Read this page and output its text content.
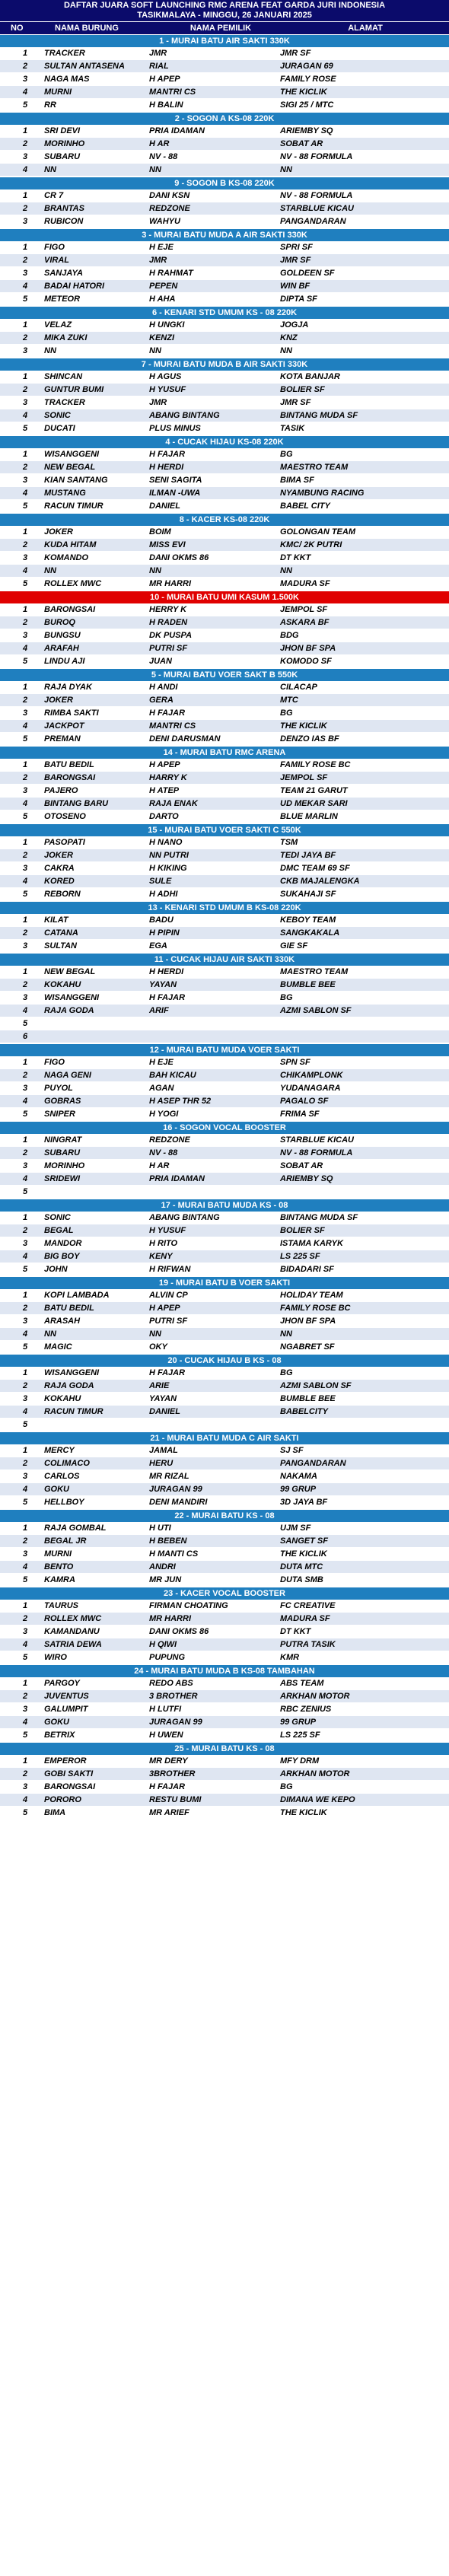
DAFTAR JUARA SOFT LAUNCHING RMC ARENA FEAT GARDA JURI INDONESIA
TASIKMALAYA - MINGGU, 26 JANUARI 2025
NO	NAMA BURUNG	NAMA PEMILIK	ALAMAT
1 - MURAI BATU AIR SAKTI 330K
1	TRACKER	JMR	JMR SF
2	SULTAN ANTASENA	RIAL	JURAGAN 69
3	NAGA MAS	H APEP	FAMILY ROSE
4	MURNI	MANTRI CS	THE KICLIK
5	RR	H BALIN	SIGI 25 / MTC
2 - SOGON A KS-08 220K
1	SRI DEVI	PRIA IDAMAN	ARIEMBY SQ
2	MORINHO	H AR	SOBAT AR
3	SUBARU	NV - 88	NV - 88 FORMULA
4	NN	NN	NN
9 - SOGON B KS-08 220K
1	CR 7	DANI KSN	NV - 88 FORMULA
2	BRANTAS	REDZONE	STARBLUE KICAU
3	RUBICON	WAHYU	PANGANDARAN
3 - MURAI BATU MUDA A AIR SAKTI 330K
1	FIGO	H EJE	SPRI SF
2	VIRAL	JMR	JMR SF
3	SANJAYA	H RAHMAT	GOLDEEN SF
4	BADAI HATORI	PEPEN	WIN BF
5	METEOR	H AHA	DIPTA SF
6 - KENARI STD UMUM KS - 08 220K
1	VELAZ	H UNGKI	JOGJA
2	MIKA ZUKI	KENZI	KNZ
3	NN	NN	NN
7 - MURAI BATU MUDA B AIR SAKTI 330K
1	SHINCAN	H AGUS	KOTA BANJAR
2	GUNTUR BUMI	H YUSUF	BOLIER SF
3	TRACKER	JMR	JMR SF
4	SONIC	ABANG BINTANG	BINTANG MUDA SF
5	DUCATI	PLUS MINUS	TASIK
4 - CUCAK HIJAU KS-08 220K
1	WISANGGENI	H FAJAR	BG
2	NEW BEGAL	H HERDI	MAESTRO TEAM
3	KIAN SANTANG	SENI SAGITA	BIMA SF
4	MUSTANG	ILMAN -UWA	NYAMBUNG RACING
5	RACUN TIMUR	DANIEL	BABEL CITY
8 - KACER KS-08 220K
1	JOKER	BOIM	GOLONGAN TEAM
2	KUDA HITAM	MISS EVI	KMC/ 2K PUTRI
3	KOMANDO	DANI OKMS 86	DT KKT
4	NN	NN	NN
5	ROLLEX MWC	MR HARRI	MADURA SF
10 - MURAI BATU UMI KASUM 1.500K
1	BARONGSAI	HERRY K	JEMPOL SF
2	BUROQ	H RADEN	ASKARA BF
3	BUNGSU	DK PUSPA	BDG
4	ARAFAH	PUTRI SF	JHON BF SPA
5	LINDU AJI	JUAN	KOMODO SF
5 - MURAI BATU VOER SAKT B 550K
1	RAJA DYAK	H ANDI	CILACAP
2	JOKER	GERA	MTC
3	RIMBA SAKTI	H FAJAR	BG
4	JACKPOT	MANTRI CS	THE KICLIK
5	PREMAN	DENI DARUSMAN	DENZO IAS BF
14 - MURAI BATU RMC ARENA
1	BATU BEDIL	H APEP	FAMILY ROSE BC
2	BARONGSAI	HARRY K	JEMPOL SF
3	PAJERO	H ATEP	TEAM 21 GARUT
4	BINTANG BARU	RAJA ENAK	UD MEKAR SARI
5	OTOSENO	DARTO	BLUE MARLIN
15 - MURAI BATU VOER SAKTI C 550K
1	PASOPATI	H NANO	TSM
2	JOKER	NN PUTRI	TEDI JAYA BF
3	CAKRA	H KIKING	DMC TEAM 69 SF
4	KORED	SULE	CKB MAJALENGKA
5	REBORN	H ADHI	SUKAHAJI SF
13 - KENARI STD UMUM B KS-08 220K
1	KILAT	BADU	KEBOY TEAM
2	CATANA	H PIPIN	SANGKAKALA
3	SULTAN	EGA	GIE SF
11 - CUCAK HIJAU AIR SAKTI 330K
1	NEW BEGAL	H HERDI	MAESTRO TEAM
2	KOKAHU	YAYAN	BUMBLE BEE
3	WISANGGENI	H FAJAR	BG
4	RAJA GODA	ARIF	AZMI SABLON SF
5
6
12 - MURAI BATU MUDA VOER SAKTI
1	FIGO	H EJE	SPN SF
2	NAGA GENI	BAH KICAU	CHIKAMPLONK
3	PUYOL	AGAN	YUDANAGARA
4	GOBRAS	H ASEP THR 52	PAGALO SF
5	SNIPER	H YOGI	FRIMA SF
16 - SOGON VOCAL BOOSTER
1	NINGRAT	REDZONE	STARBLUE KICAU
2	SUBARU	NV - 88	NV - 88 FORMULA
3	MORINHO	H AR	SOBAT AR
4	SRIDEWI	PRIA IDAMAN	ARIEMBY SQ
5
17 - MURAI BATU MUDA KS - 08
1	SONIC	ABANG BINTANG	BINTANG MUDA SF
2	BEGAL	H YUSUF	BOLIER SF
3	MANDOR	H RITO	ISTAMA KARYK
4	BIG BOY	KENY	LS 225 SF
5	JOHN	H RIFWAN	BIDADARI SF
19 - MURAI BATU B VOER SAKTI
1	KOPI LAMBADA	ALVIN CP	HOLIDAY TEAM
2	BATU BEDIL	H APEP	FAMILY ROSE BC
3	ARASAH	PUTRI SF	JHON BF SPA
4	NN	NN	NN
5	MAGIC	OKY	NGABRET SF
20 - CUCAK HIJAU B KS - 08
1	WISANGGENI	H FAJAR	BG
2	RAJA GODA	ARIE	AZMI SABLON SF
3	KOKAHU	YAYAN	BUMBLE BEE
4	RACUN TIMUR	DANIEL	BABELCITY
5
21 - MURAI BATU MUDA C AIR SAKTI
1	MERCY	JAMAL	SJ SF
2	COLIMACO	HERU	PANGANDARAN
3	CARLOS	MR RIZAL	NAKAMA
4	GOKU	JURAGAN 99	99 GRUP
5	HELLBOY	DENI MANDIRI	3D JAYA BF
22 - MURAI BATU KS - 08
1	RAJA GOMBAL	H UTI	UJM SF
2	BEGAL JR	H BEBEN	SANGET SF
3	MURNI	H MANTI CS	THE KICLIK
4	BENTO	ANDRI	DUTA MTC
5	KAMRA	MR JUN	DUTA SMB
23 - KACER VOCAL BOOSTER
1	TAURUS	FIRMAN CHOATING	FC CREATIVE
2	ROLLEX MWC	MR HARRI	MADURA SF
3	KAMANDANU	DANI OKMS 86	DT KKT
4	SATRIA DEWA	H QIWI	PUTRA TASIK
5	WIRO	PUPUNG	KMR
24 - MURAI BATU MUDA B KS-08 TAMBAHAN
1	PARGOY	REDO ABS	ABS TEAM
2	JUVENTUS	3 BROTHER	ARKHAN MOTOR
3	GALUMPIT	H LUTFI	RBC ZENIUS
4	GOKU	JURAGAN 99	99 GRUP
5	BETRIX	H UWEN	LS 225 SF
25 - MURAI BATU KS - 08
1	EMPEROR	MR DERY	MFY DRM
2	GOBI SAKTI	3BROTHER	ARKHAN MOTOR
3	BARONGSAI	H FAJAR	BG
4	PORORO	RESTU BUMI	DIMANA WE KEPO
5	BIMA	MR ARIEF	THE KICLIK
